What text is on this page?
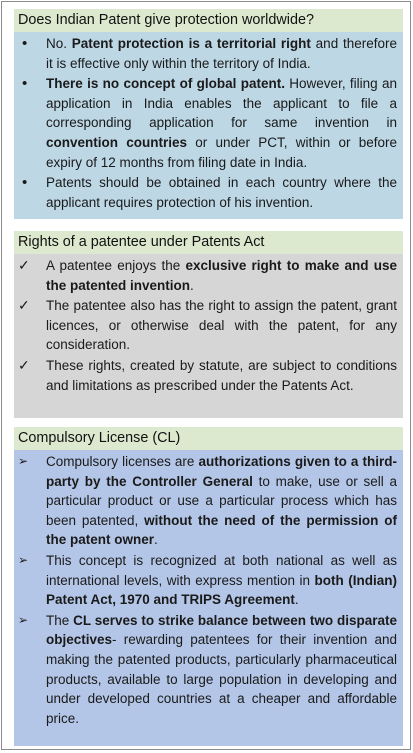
Does Indian Patent give protection worldwide?
•	No. Patent protection is a territorial right and therefore it is effective only within the territory of India.
•	There is no concept of global patent. However, filing an application in India enables the applicant to file a corresponding application for same invention in convention countries or under PCT, within or before expiry of 12 months from filing date in India.
•	Patents should be obtained in each country where the applicant requires protection of his invention.
Rights of a patentee under Patents Act
✓	A patentee enjoys the exclusive right to make and use the patented invention.
✓	The patentee also has the right to assign the patent, grant licences, or otherwise deal with the patent, for any consideration.
✓	These rights, created by statute, are subject to conditions and limitations as prescribed under the Patents Act.
Compulsory License (CL)
➢	Compulsory licenses are authorizations given to a third-party by the Controller General to make, use or sell a particular product or use a particular process which has been patented, without the need of the permission of the patent owner.
➢	This concept is recognized at both national as well as international levels, with express mention in both (Indian) Patent Act, 1970 and TRIPS Agreement.
➢	The CL serves to strike balance between two disparate objectives- rewarding patentees for their invention and making the patented products, particularly pharmaceutical products, available to large population in developing and under developed countries at a cheaper and affordable price.
